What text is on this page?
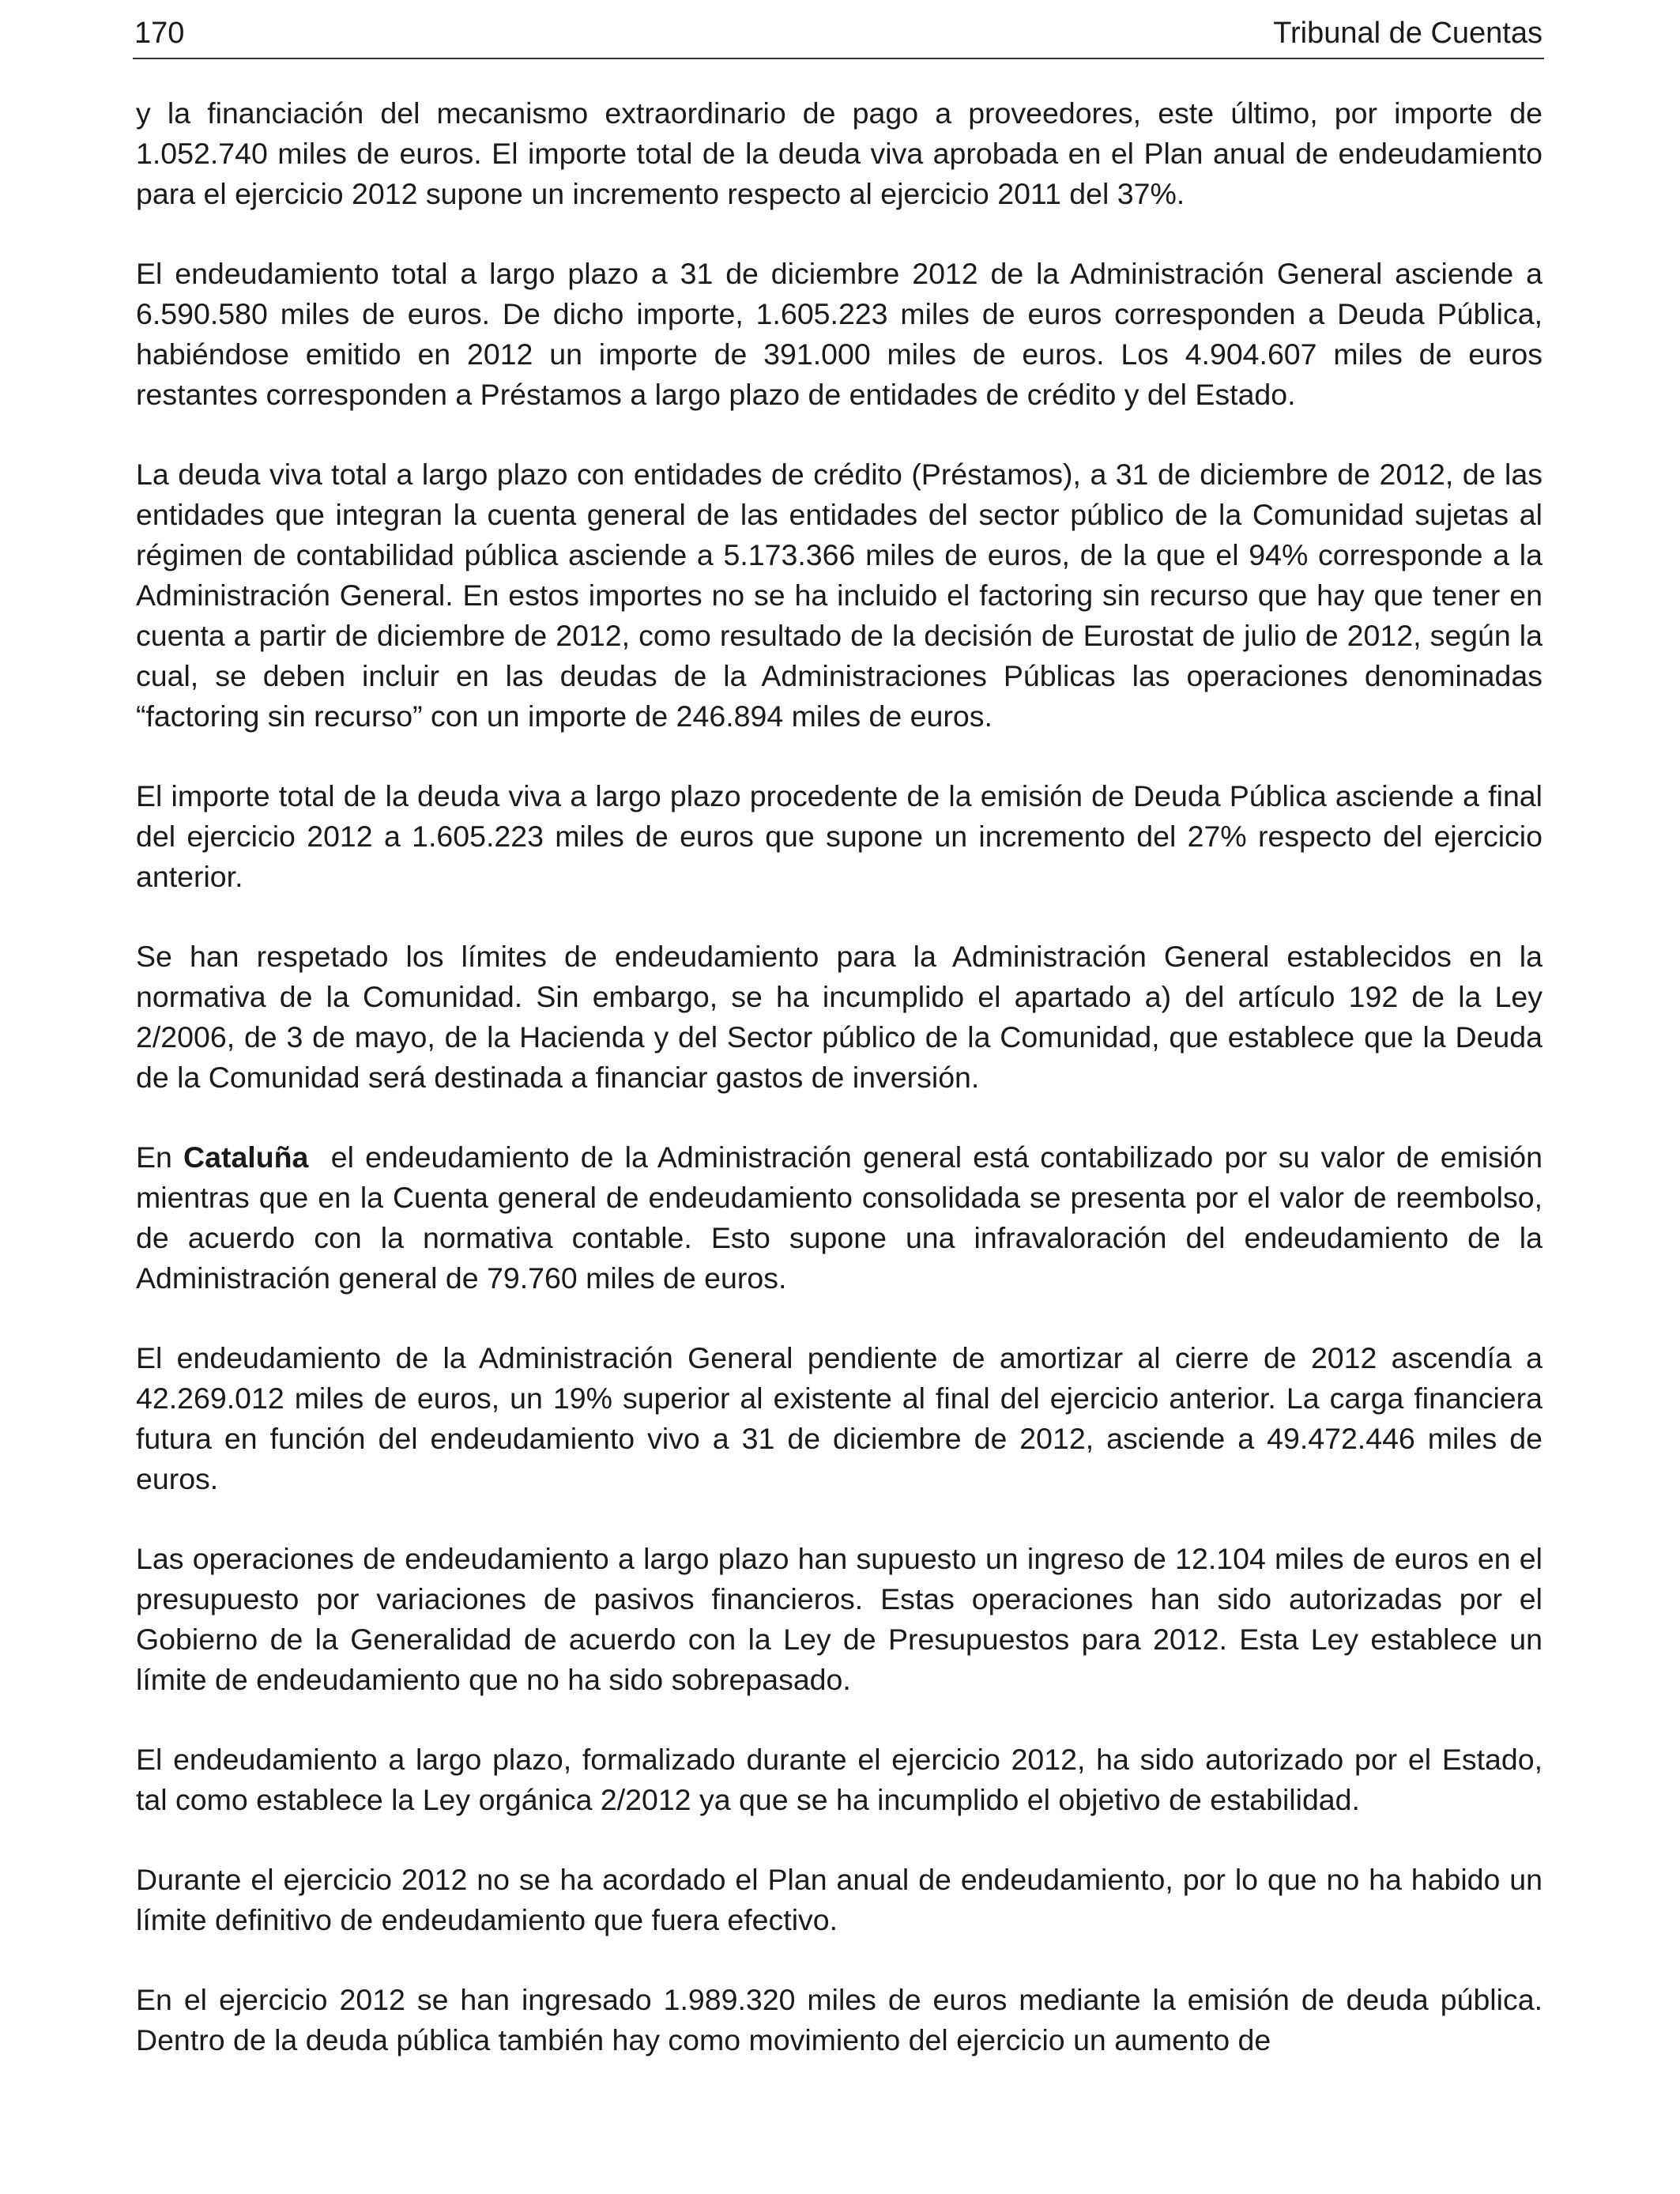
170	Tribunal de Cuentas

y la financiación del mecanismo extraordinario de pago a proveedores, este último, por importe de 1.052.740 miles de euros. El importe total de la deuda viva aprobada en el Plan anual de endeudamiento para el ejercicio 2012 supone un incremento respecto al ejercicio 2011 del 37%.

El endeudamiento total a largo plazo a 31 de diciembre 2012 de la Administración General asciende a 6.590.580 miles de euros. De dicho importe, 1.605.223 miles de euros corresponden a Deuda Pública, habiéndose emitido en 2012 un importe de 391.000 miles de euros. Los 4.904.607 miles de euros restantes corresponden a Préstamos a largo plazo de entidades de crédito y del Estado.

La deuda viva total a largo plazo con entidades de crédito (Préstamos), a 31 de diciembre de 2012, de las entidades que integran la cuenta general de las entidades del sector público de la Comunidad sujetas al régimen de contabilidad pública asciende a 5.173.366 miles de euros, de la que el 94% corresponde a la Administración General. En estos importes no se ha incluido el factoring sin recurso que hay que tener en cuenta a partir de diciembre de 2012, como resultado de la decisión de Eurostat de julio de 2012, según la cual, se deben incluir en las deudas de la Administraciones Públicas las operaciones denominadas “factoring sin recurso” con un importe de 246.894 miles de euros.

El importe total de la deuda viva a largo plazo procedente de la emisión de Deuda Pública asciende a final del ejercicio 2012 a 1.605.223 miles de euros que supone un incremento del 27% respecto del ejercicio anterior.

Se han respetado los límites de endeudamiento para la Administración General establecidos en la normativa de la Comunidad. Sin embargo, se ha incumplido el apartado a) del artículo 192 de la Ley 2/2006, de 3 de mayo, de la Hacienda y del Sector público de la Comunidad, que establece que la Deuda de la Comunidad será destinada a financiar gastos de inversión.

En Cataluña  el endeudamiento de la Administración general está contabilizado por su valor de emisión mientras que en la Cuenta general de endeudamiento consolidada se presenta por el valor de reembolso, de acuerdo con la normativa contable. Esto supone una infravaloración del endeudamiento de la Administración general de 79.760 miles de euros.

El endeudamiento de la Administración General pendiente de amortizar al cierre de 2012 ascendía a 42.269.012 miles de euros, un 19% superior al existente al final del ejercicio anterior. La carga financiera futura en función del endeudamiento vivo a 31 de diciembre de 2012, asciende a 49.472.446 miles de euros.

Las operaciones de endeudamiento a largo plazo han supuesto un ingreso de 12.104 miles de euros en el presupuesto por variaciones de pasivos financieros. Estas operaciones han sido autorizadas por el Gobierno de la Generalidad de acuerdo con la Ley de Presupuestos para 2012. Esta Ley establece un límite de endeudamiento que no ha sido sobrepasado.

El endeudamiento a largo plazo, formalizado durante el ejercicio 2012, ha sido autorizado por el Estado, tal como establece la Ley orgánica 2/2012 ya que se ha incumplido el objetivo de estabilidad.

Durante el ejercicio 2012 no se ha acordado el Plan anual de endeudamiento, por lo que no ha habido un límite definitivo de endeudamiento que fuera efectivo.

En el ejercicio 2012 se han ingresado 1.989.320 miles de euros mediante la emisión de deuda pública. Dentro de la deuda pública también hay como movimiento del ejercicio un aumento de
